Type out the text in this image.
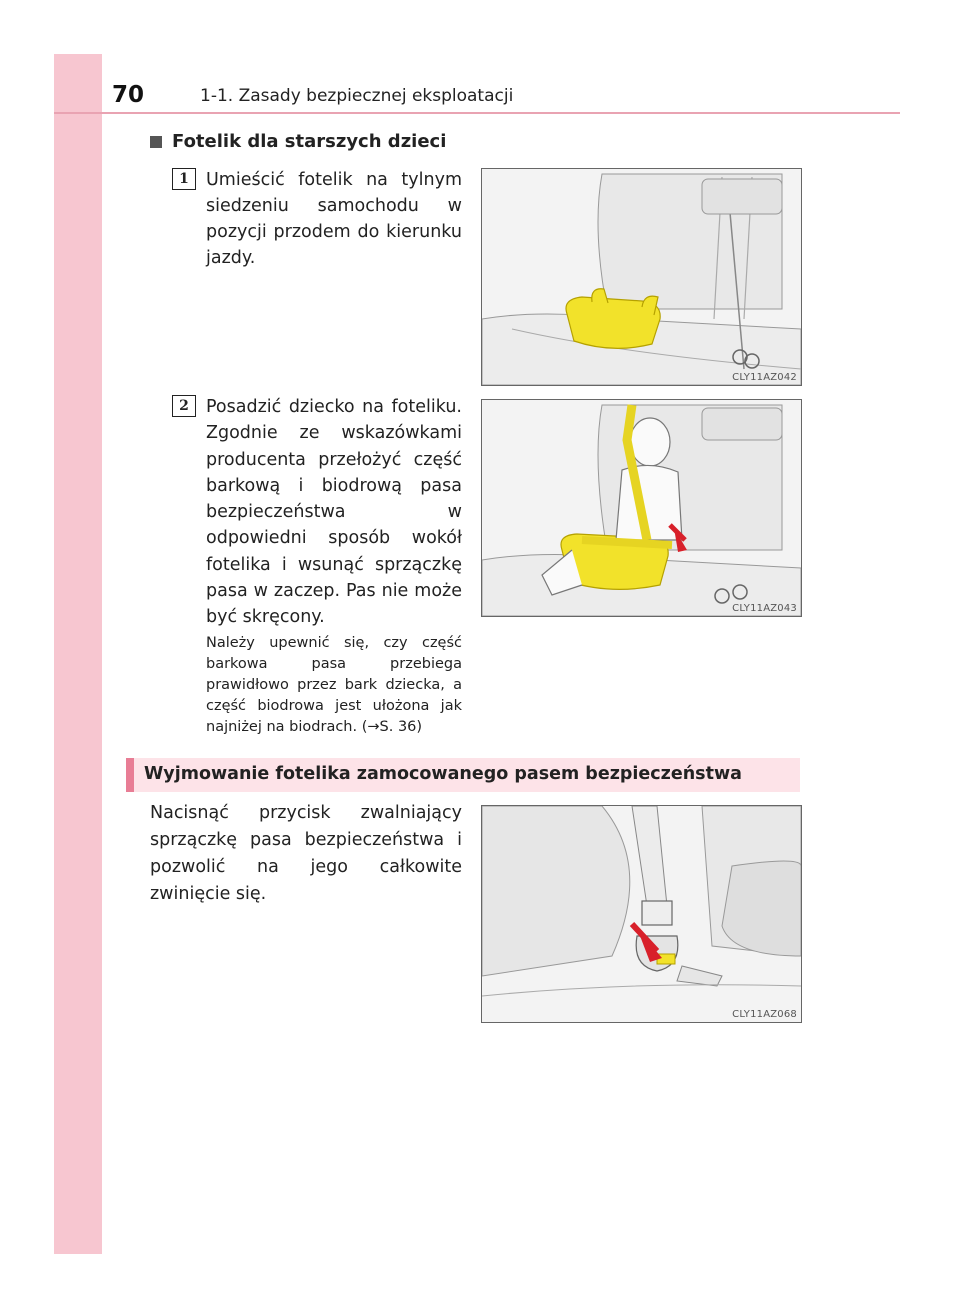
70	1-1. Zasady bezpiecznej eksploatacji
Fotelik dla starszych dzieci
1 Umieścić fotelik na tylnym siedzeniu samochodu w pozycji przodem do kierunku jazdy.
CLY11AZ042
2 Posadzić dziecko na foteliku. Zgodnie ze wskazówkami producenta przełożyć część barkową i biodrową pasa bezpieczeństwa w odpowiedni sposób wokół fotelika i wsunąć sprzączkę pasa w zaczep. Pas nie może być skręcony.
Należy upewnić się, czy część barkowa pasa przebiega prawidłowo przez bark dziecka, a część biodrowa jest ułożona jak najniżej na biodrach. (→S. 36)
CLY11AZ043
Wyjmowanie fotelika zamocowanego pasem bezpieczeństwa
Nacisnąć przycisk zwalniający sprzączkę pasa bezpieczeństwa i pozwolić na jego całkowite zwinięcie się.
CLY11AZ068
